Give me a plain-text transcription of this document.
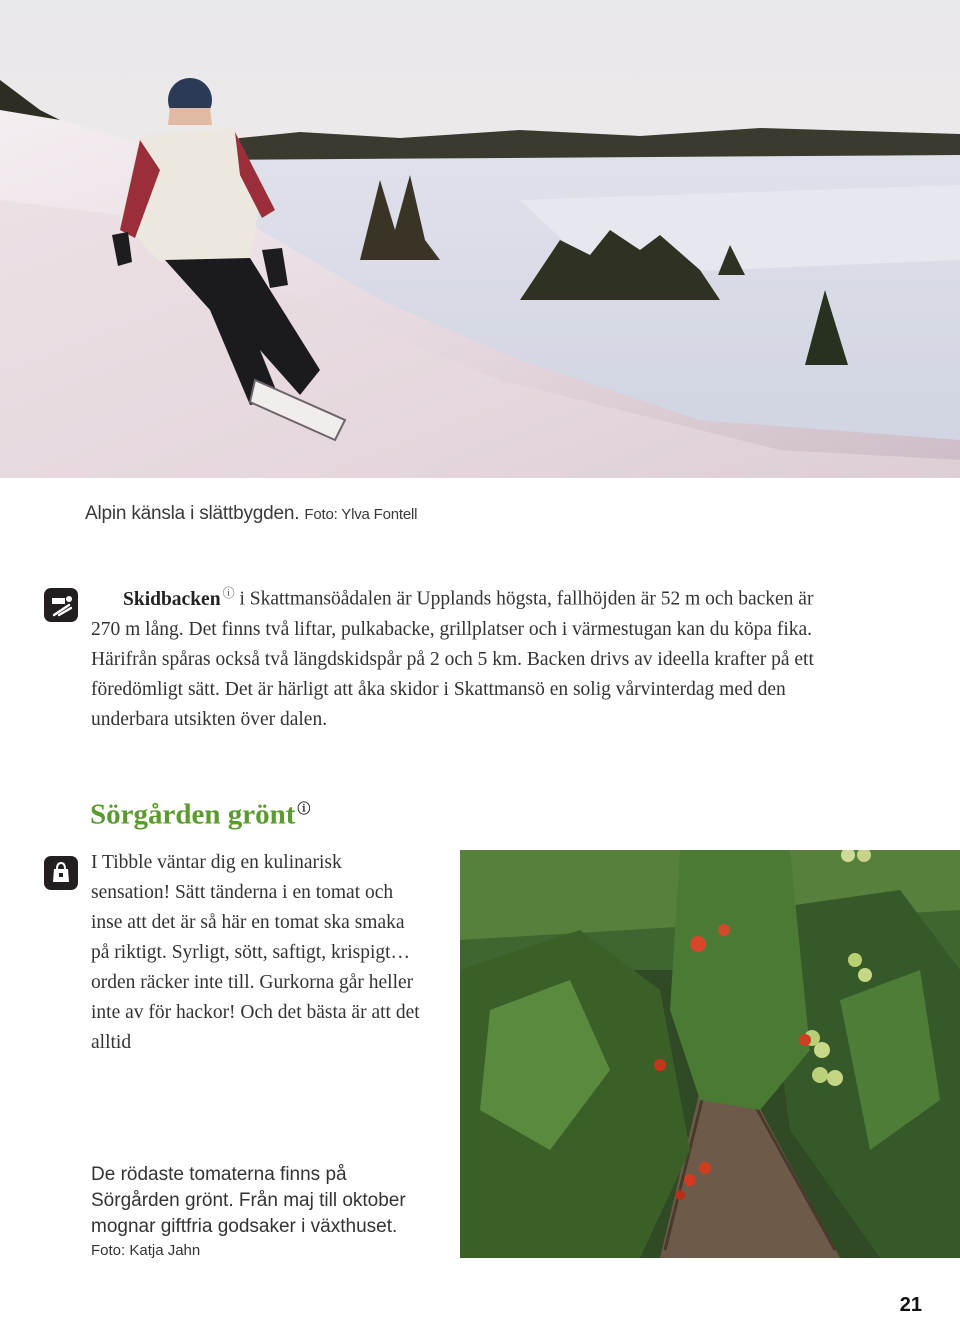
Alpin känsla i slättbygden. Foto: Ylva Fontell
Skidbacken ⓘ i Skattmansöådalen är Upplands högsta, fallhöjden är 52 m och backen är 270 m lång. Det finns två liftar, pulkabacke, grillplatser och i värmestugan kan du köpa fika. Härifrån spåras också två längdskidspår på 2 och 5 km. Backen drivs av ideella krafter på ett föredömligt sätt. Det är härligt att åka skidor i Skattmansö en solig vårvinterdag med den underbara utsikten över dalen.
Sörgården grönt ⓘ
I Tibble väntar dig en kulinarisk sensation! Sätt tänderna i en tomat och inse att det är så här en tomat ska smaka på riktigt. Syrligt, sött, saftigt, krispigt…orden räcker inte till. Gurkorna går heller inte av för hackor! Och det bästa är att det alltid
De rödaste tomaterna finns på Sörgården grönt. Från maj till oktober mognar giftfria godsaker i växthuset.
Foto: Katja Jahn
21
